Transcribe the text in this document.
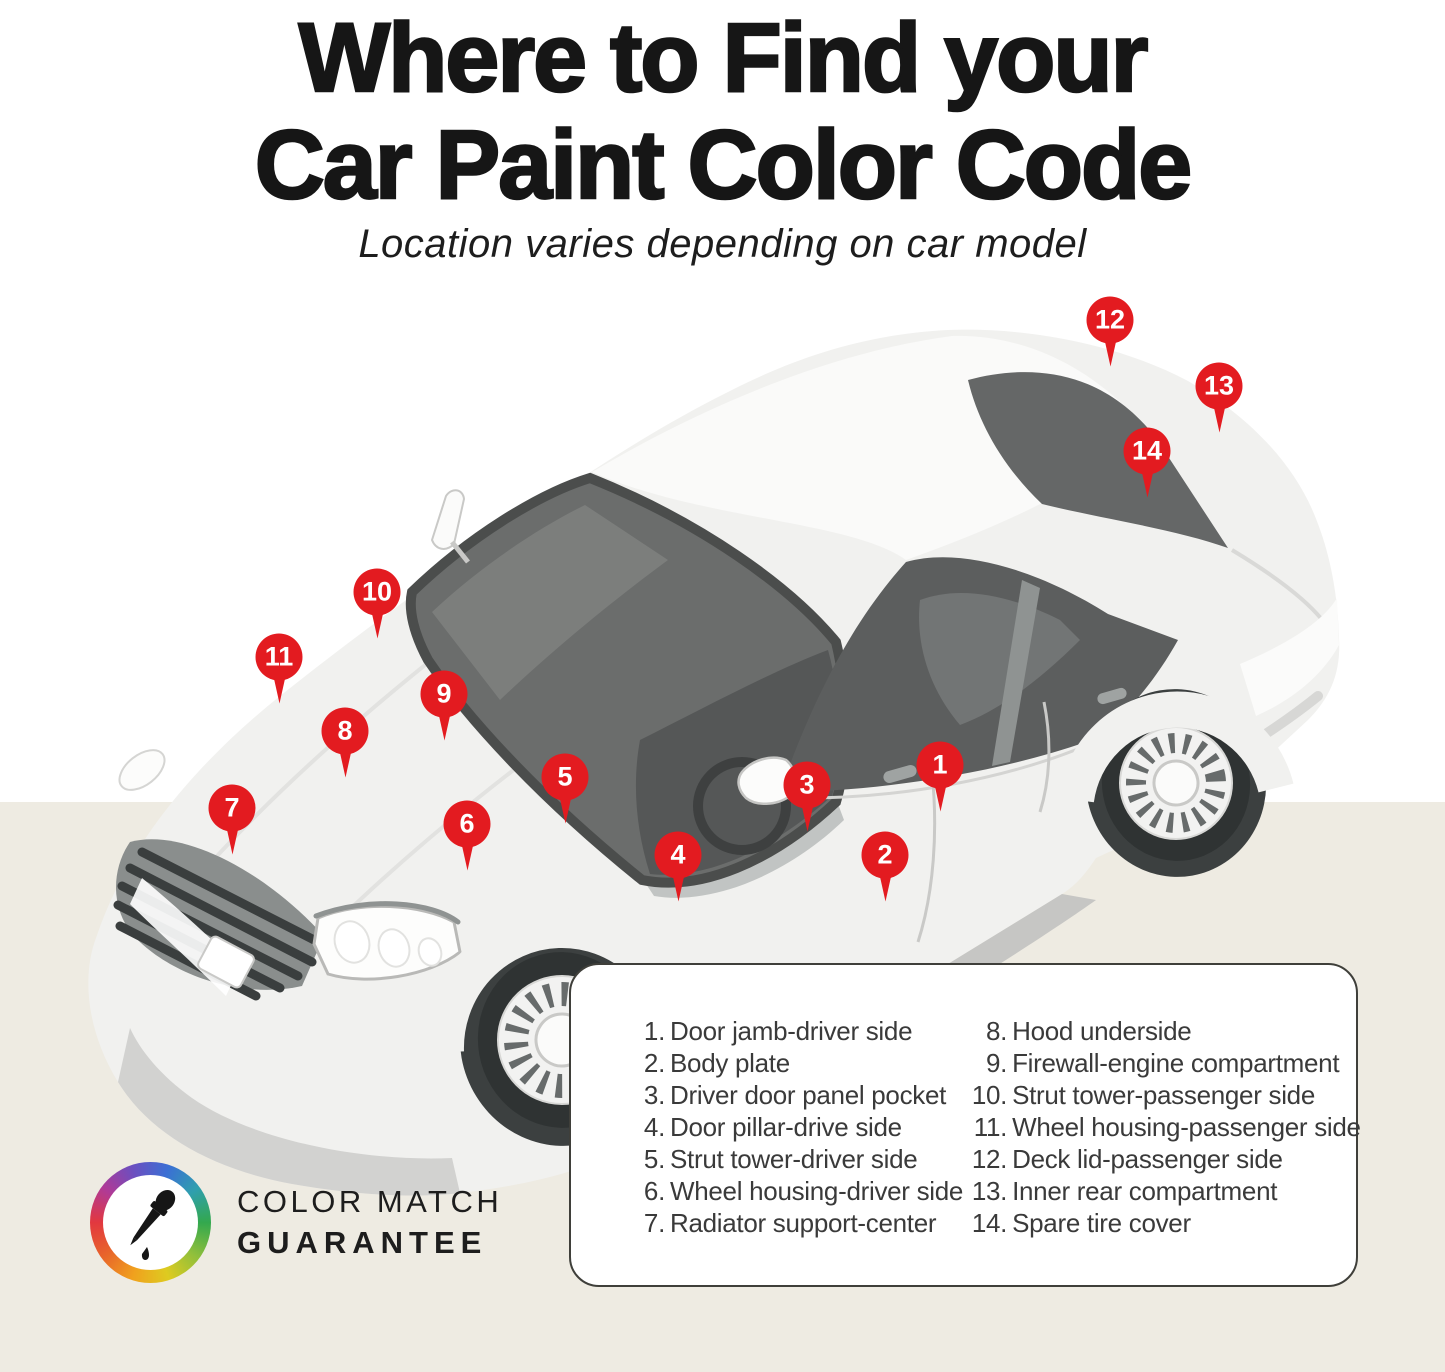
Where to Find your
Car Paint Color Code
Location varies depending on car model
1
2
3
4
5
6
7
8
9
10
11
12
13
14
1. Door jamb-driver side
2. Body plate
3. Driver door panel pocket
4. Door pillar-drive side
5. Strut tower-driver side
6. Wheel housing-driver side
7. Radiator support-center
8. Hood underside
9. Firewall-engine compartment
10. Strut tower-passenger side
11. Wheel housing-passenger side
12. Deck lid-passenger side
13. Inner rear compartment
14. Spare tire cover
COLOR MATCH
GUARANTEE
